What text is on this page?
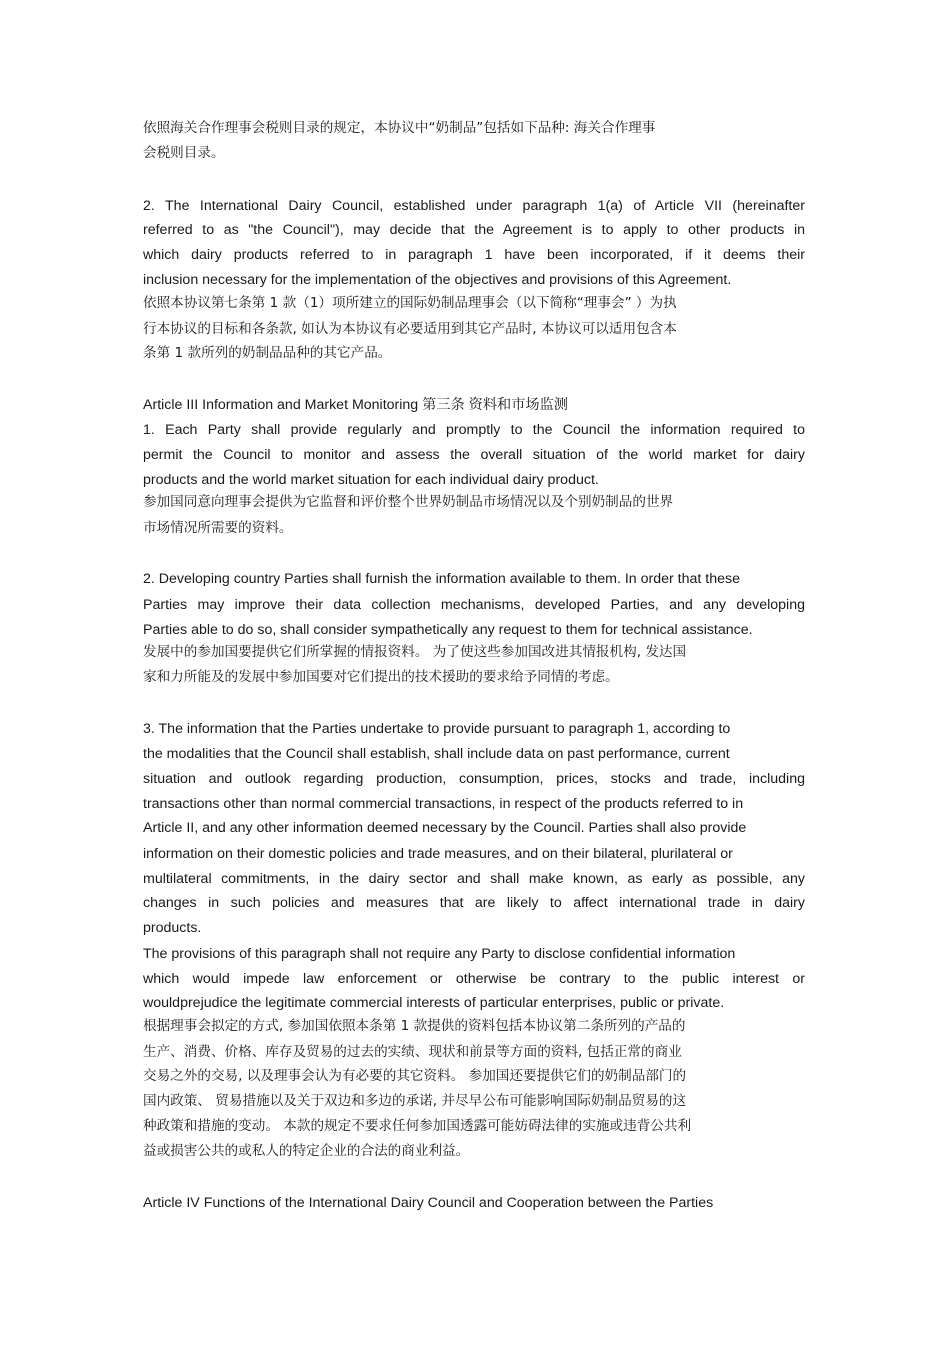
依照海关合作理事会税则目录的规定，本协议中“奶制品”包括如下品种: 海关合作理事
会税则目录。
2. The International Dairy Council, established under paragraph 1(a) of Article VII (hereinafter
referred to as "the Council"), may decide that the Agreement is to apply to other products in
which dairy products referred to in paragraph 1 have been incorporated, if it deems their
inclusion necessary for the implementation of the objectives and provisions of this Agreement.
依照本协议第七条第 1 款（1）项所建立的国际奶制品理事会（以下简称“理事会” ）为执
行本协议的目标和各条款, 如认为本协议有必要适用到其它产品时, 本协议可以适用包含本
条第 1 款所列的奶制品品种的其它产品。
Article III Information and Market Monitoring 第三条 资料和市场监测
1. Each Party shall provide regularly and promptly to the Council the information required to
permit the Council to monitor and assess the overall situation of the world market for dairy
products and the world market situation for each individual dairy product.
参加国同意向理事会提供为它监督和评价整个世界奶制品市场情况以及个别奶制品的世界
市场情况所需要的资料。
2. Developing country Parties shall furnish the information available to them. In order that these
Parties may improve their data collection mechanisms, developed Parties, and any developing
Parties able to do so, shall consider sympathetically any request to them for technical assistance.
发展中的参加国要提供它们所掌握的情报资料。 为了使这些参加国改进其情报机构, 发达国
家和力所能及的发展中参加国要对它们提出的技术援助的要求给予同情的考虑。
3. The information that the Parties undertake to provide pursuant to paragraph 1, according to
the modalities that the Council shall establish, shall include data on past performance, current
situation and outlook regarding production, consumption, prices, stocks and trade, including
transactions other than normal commercial transactions, in respect of the products referred to in
Article II, and any other information deemed necessary by the Council. Parties shall also provide
information on their domestic policies and trade measures, and on their bilateral, plurilateral or
multilateral commitments, in the dairy sector and shall make known, as early as possible, any
changes in such policies and measures that are likely to affect international trade in dairy
products.
The provisions of this paragraph shall not require any Party to disclose confidential information
which would impede law enforcement or otherwise be contrary to the public interest or
wouldprejudice the legitimate commercial interests of particular enterprises, public or private.
根据理事会拟定的方式, 参加国依照本条第 1 款提供的资料包括本协议第二条所列的产品的
生产、消费、价格、库存及贸易的过去的实绩、现状和前景等方面的资料, 包括正常的商业
交易之外的交易, 以及理事会认为有必要的其它资料。 参加国还要提供它们的奶制品部门的
国内政策、 贸易措施以及关于双边和多边的承诺, 并尽早公布可能影响国际奶制品贸易的这
种政策和措施的变动。 本款的规定不要求任何参加国透露可能妨碍法律的实施或违背公共利
益或损害公共的或私人的特定企业的合法的商业利益。
Article IV Functions of the International Dairy Council and Cooperation between the Parties
